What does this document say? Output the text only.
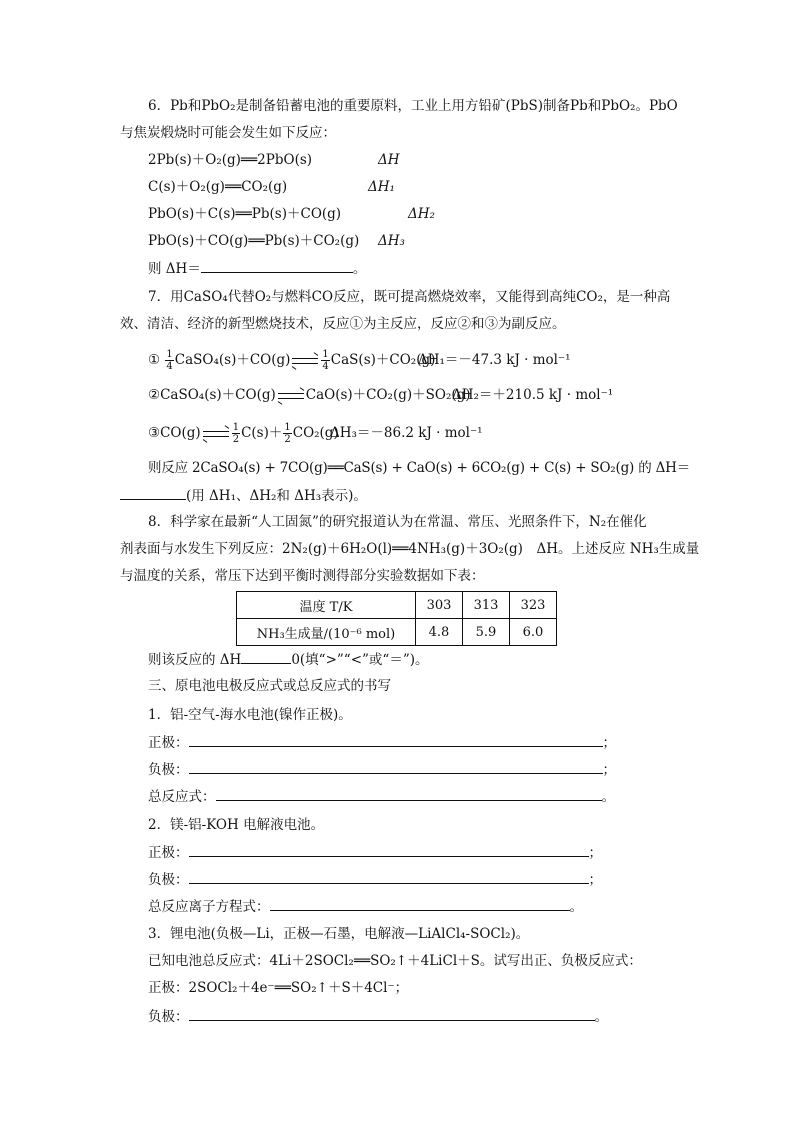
6．Pb和PbO₂是制备铅蓄电池的重要原料，工业上用方铅矿(PbS)制备Pb和PbO₂。PbO
与焦炭煅烧时可能会发生如下反应：
2Pb(s)＋O₂(g)══2PbO(s)	ΔH
C(s)＋O₂(g)══CO₂(g)	ΔH₁
PbO(s)＋C(s)══Pb(s)＋CO(g)	ΔH₂
PbO(s)＋CO(g)══Pb(s)＋CO₂(g) ΔH₃
则 ΔH＝	。
7．用CaSO₄代替O₂与燃料CO反应，既可提高燃烧效率，又能得到高纯CO₂，是一种高
效、清洁、经济的新型燃烧技术，反应①为主反应，反应②和③为副反应。
① $\frac{1}{4}$ CaSO₄(s)＋CO(g)	$\frac{1}{4} CaS(s)+CO_2(g)$
ΔH₁＝－47.3 kJ · mol⁻¹
②CaSO₄(s)＋CO(g) CaO(s)＋CO₂(g)＋SO₂(g)
ΔH₂＝＋210.5 kJ · mol⁻¹
③CO(g)	$\frac{1}{2} C(s)+ \frac{1}{2} CO_2(g)$
ΔH₃＝－86.2 kJ · mol⁻¹
则反应 2CaSO₄(s) + 7CO(g)══CaS(s) + CaO(s) + 6CO₂(g) + C(s) + SO₂(g) 的 ΔH＝
(用 ΔH₁、ΔH₂和 ΔH₃表示)。
8．科学家在最新“人工固氮”的研究报道认为在常温、常压、光照条件下，N₂在催化
剂表面与水发生下列反应：2N₂(g)＋6H₂O(l)══4NH₃(g)＋3O₂(g)　ΔH。上述反应 NH₃生成量
与温度的关系，常压下达到平衡时测得部分实验数据如下表：
温度 T/K	303	313	323
NH₃生成量/(10⁻⁶ mol)	4.8	5.9	6.0
则该反应的 ΔH	0(填“>”“<”或“＝”)。
三、原电池电极反应式或总反应式的书写
1．铝-空气-海水电池(镍作正极)。
正极：	；
负极：	；
总反应式：	。
2．镁-铝-KOH 电解液电池。
正极：	；
负极：	；
总反应离子方程式：	。
3．锂电池(负极—Li，正极—石墨，电解液—LiAlCl₄-SOCl₂)。
已知电池总反应式：4Li＋2SOCl₂══SO₂↑＋4LiCl＋S。试写出正、负极反应式：
正极：2SOCl₂＋4e⁻══SO₂↑＋S＋4Cl⁻；
负极：	。
